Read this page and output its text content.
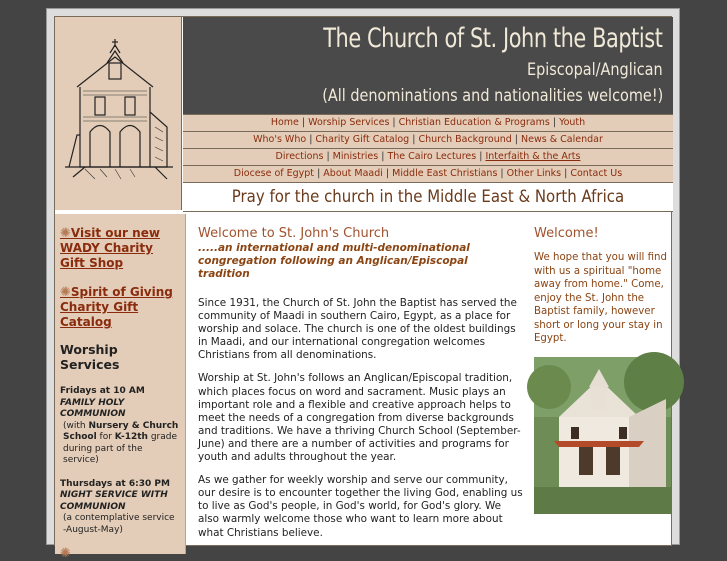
The Church of St. John the Baptist
Episcopal/Anglican
(All denominations and nationalities welcome!)
Home | Worship Services | Christian Education & Programs | Youth
Who's Who | Charity Gift Catalog | Church Background | News & Calendar
Directions | Ministries | The Cairo Lectures | Interfaith & the Arts
Diocese of Egypt | About Maadi | Middle East Christians | Other Links | Contact Us
Pray for the church in the Middle East & North Africa
✺Visit our new WADY Charity Gift Shop
✺Spirit of Giving Charity Gift Catalog
Worship Services
Fridays at 10 AM
FAMILY HOLY COMMUNION
(with Nursery & Church School for K-12th grade during part of the service)
Thursdays at 6:30 PM
NIGHT SERVICE WITH COMMUNION
(a contemplative service -August-May)
✺
Welcome to St. John's Church
.....an international and multi-denominational congregation following an Anglican/Episcopal tradition
Since 1931, the Church of St. John the Baptist has served the community of Maadi in southern Cairo, Egypt, as a place for worship and solace. The church is one of the oldest buildings in Maadi, and our international congregation welcomes Christians from all denominations.
Worship at St. John's follows an Anglican/Episcopal tradition, which places focus on word and sacrament. Music plays an important role and a flexible and creative approach helps to meet the needs of a congregation from diverse backgrounds and traditions. We have a thriving Church School (September-June) and there are a number of activities and programs for youth and adults throughout the year.
As we gather for weekly worship and serve our community, our desire is to encounter together the living God, enabling us to live as God's people, in God's world, for God's glory. We also warmly welcome those who want to learn more about what Christians believe.
Welcome!
We hope that you will find with us a spiritual "home away from home." Come, enjoy the St. John the Baptist family, however short or long your stay in Egypt.
